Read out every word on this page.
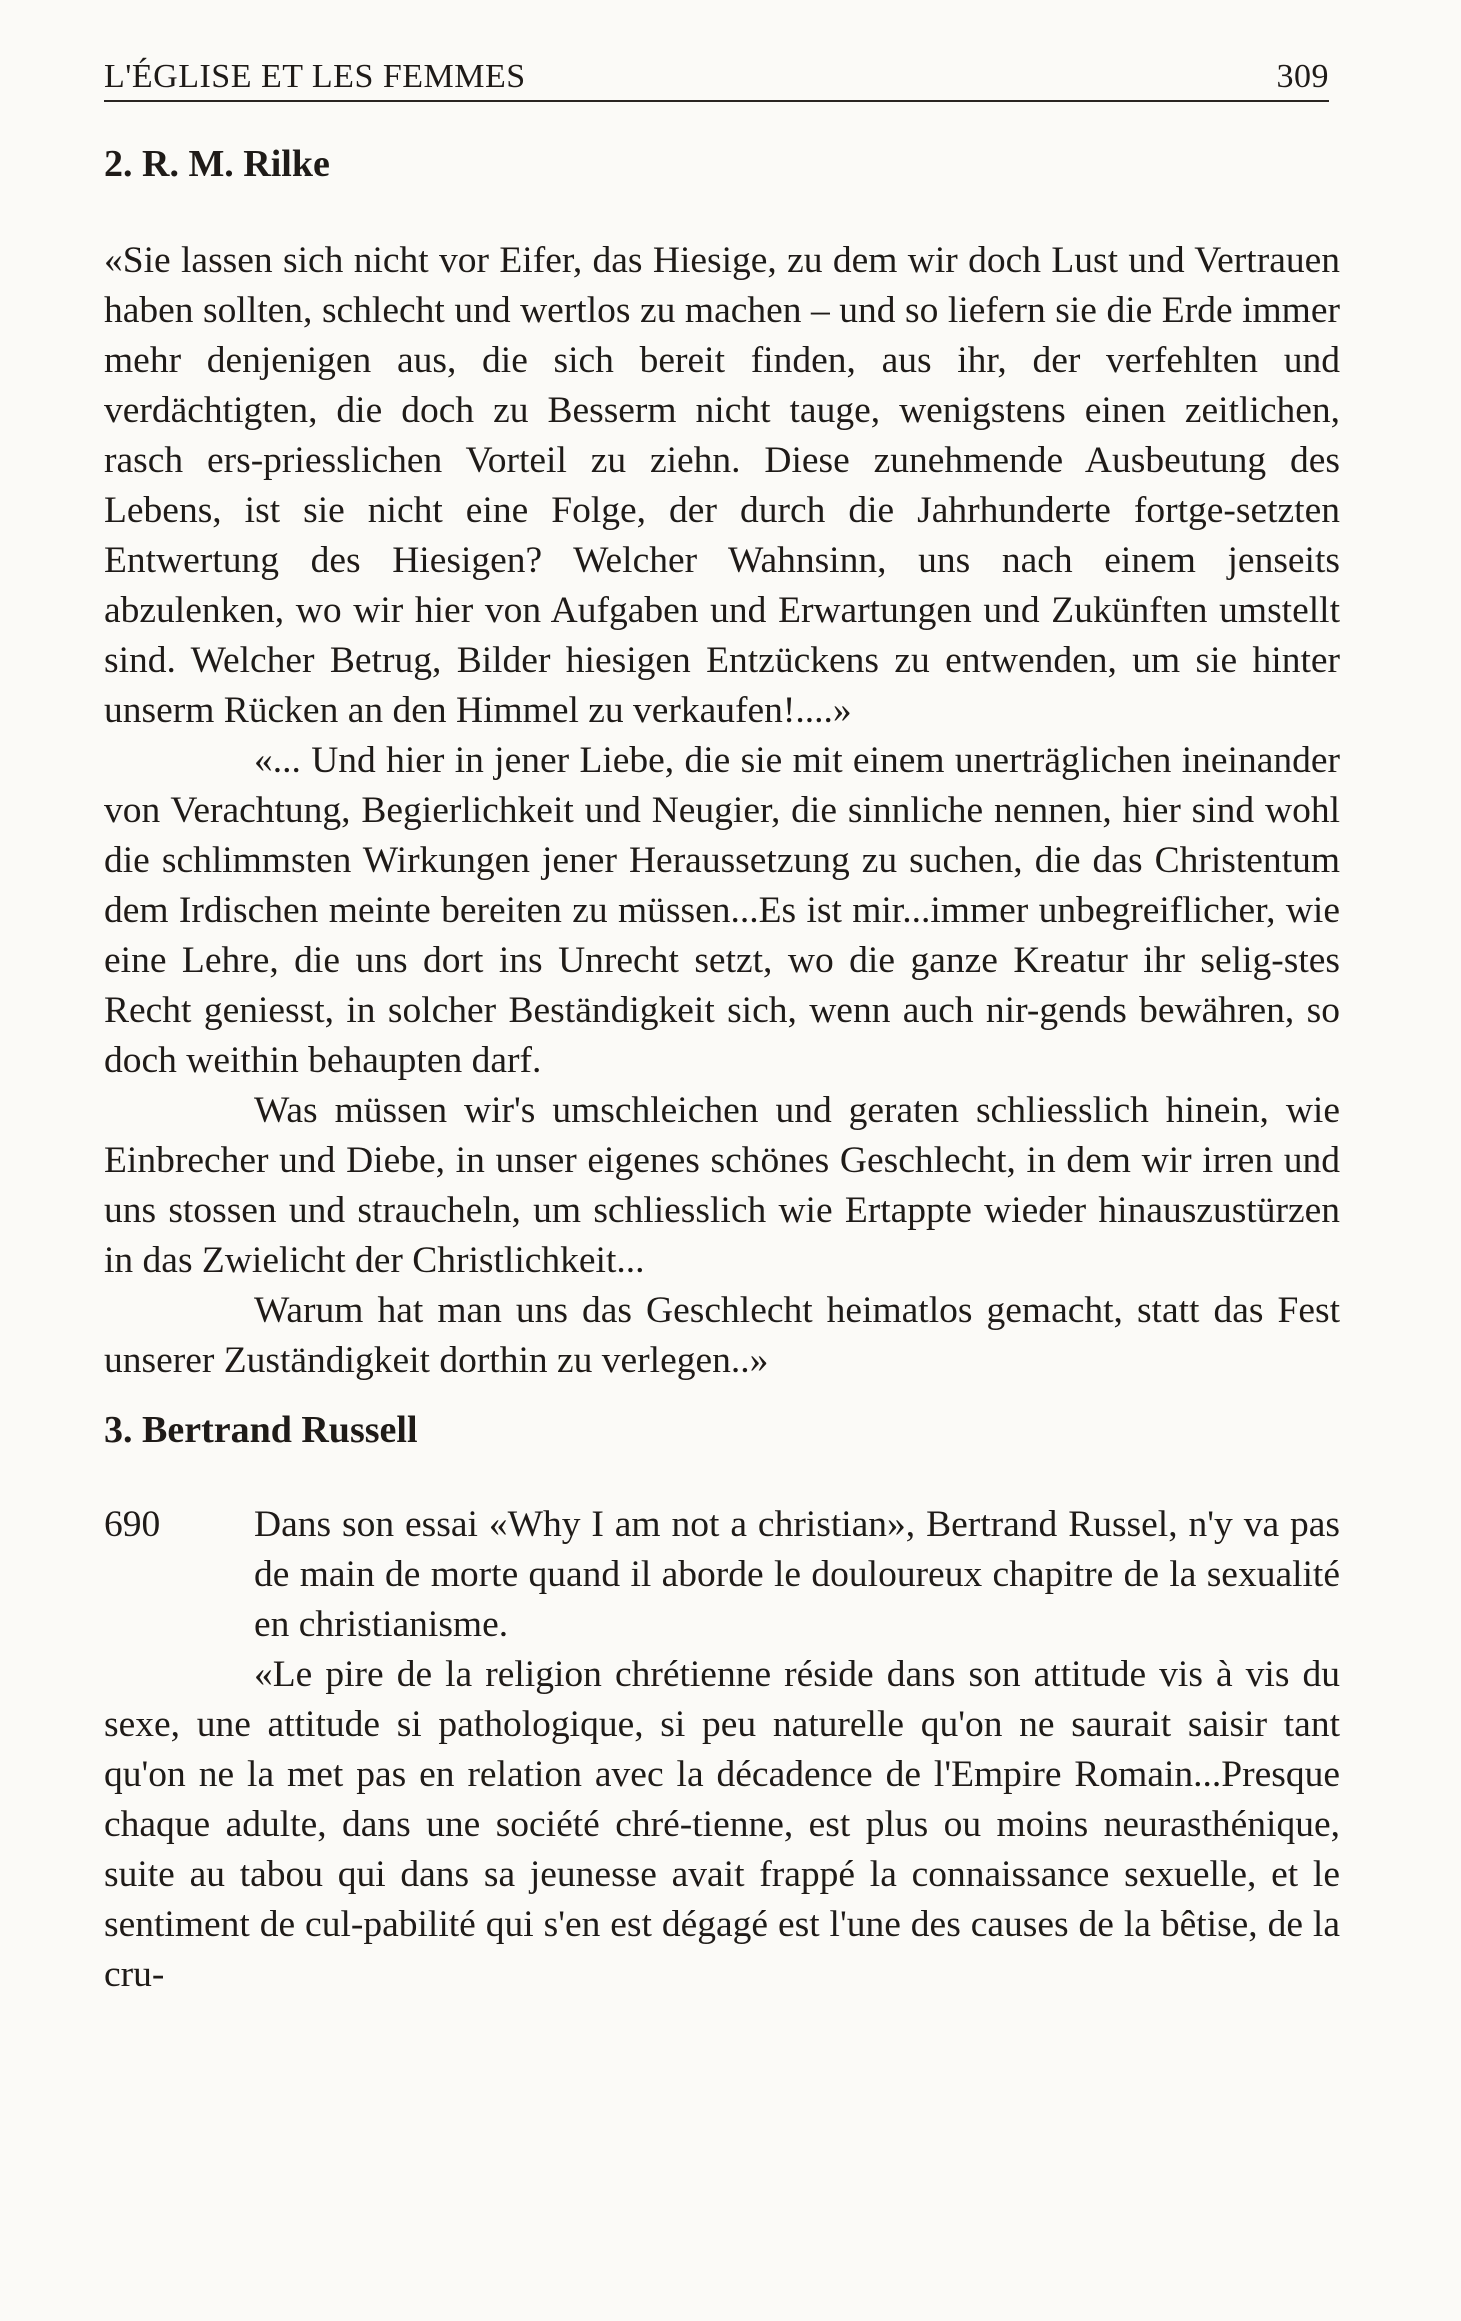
L'ÉGLISE ET LES FEMMES	309
2. R. M. Rilke

«Sie lassen sich nicht vor Eifer, das Hiesige, zu dem wir doch Lust und Vertrauen haben sollten, schlecht und wertlos zu machen – und so liefern sie die Erde immer mehr denjenigen aus, die sich bereit finden, aus ihr, der verfehlten und verdächtigten, die doch zu Besserm nicht tauge, wenigstens einen zeitlichen, rasch ers-priesslichen Vorteil zu ziehn. Diese zunehmende Ausbeutung des Lebens, ist sie nicht eine Folge, der durch die Jahrhunderte fortge-setzten Entwertung des Hiesigen? Welcher Wahnsinn, uns nach einem jenseits abzulenken, wo wir hier von Aufgaben und Erwartungen und Zukünften umstellt sind. Welcher Betrug, Bilder hiesigen Entzückens zu entwenden, um sie hinter unserm Rücken an den Himmel zu verkaufen!....»

«... Und hier in jener Liebe, die sie mit einem unerträglichen ineinander von Verachtung, Begierlichkeit und Neugier, die sinnliche nennen, hier sind wohl die schlimmsten Wirkungen jener Heraussetzung zu suchen, die das Christentum dem Irdischen meinte bereiten zu müssen...Es ist mir...immer unbegreiflicher, wie eine Lehre, die uns dort ins Unrecht setzt, wo die ganze Kreatur ihr selig-stes Recht geniesst, in solcher Beständigkeit sich, wenn auch nir-gends bewähren, so doch weithin behaupten darf.

Was müssen wir's umschleichen und geraten schliesslich hinein, wie Einbrecher und Diebe, in unser eigenes schönes Geschlecht, in dem wir irren und uns stossen und straucheln, um schliesslich wie Ertappte wieder hinauszustürzen in das Zwielicht der Christlichkeit...

Warum hat man uns das Geschlecht heimatlos gemacht, statt das Fest unserer Zuständigkeit dorthin zu verlegen..»

3. Bertrand Russell
690	Dans son essai «Why I am not a christian», Bertrand Russel, n'y va pas de main de morte quand il aborde le douloureux chapitre de la sexualité en christianisme.

«Le pire de la religion chrétienne réside dans son attitude vis à vis du sexe, une attitude si pathologique, si peu naturelle qu'on ne saurait saisir tant qu'on ne la met pas en relation avec la décadence de l'Empire Romain...Presque chaque adulte, dans une société chré-tienne, est plus ou moins neurasthénique, suite au tabou qui dans sa jeunesse avait frappé la connaissance sexuelle, et le sentiment de cul-pabilité qui s'en est dégagé est l'une des causes de la bêtise, de la cru-
